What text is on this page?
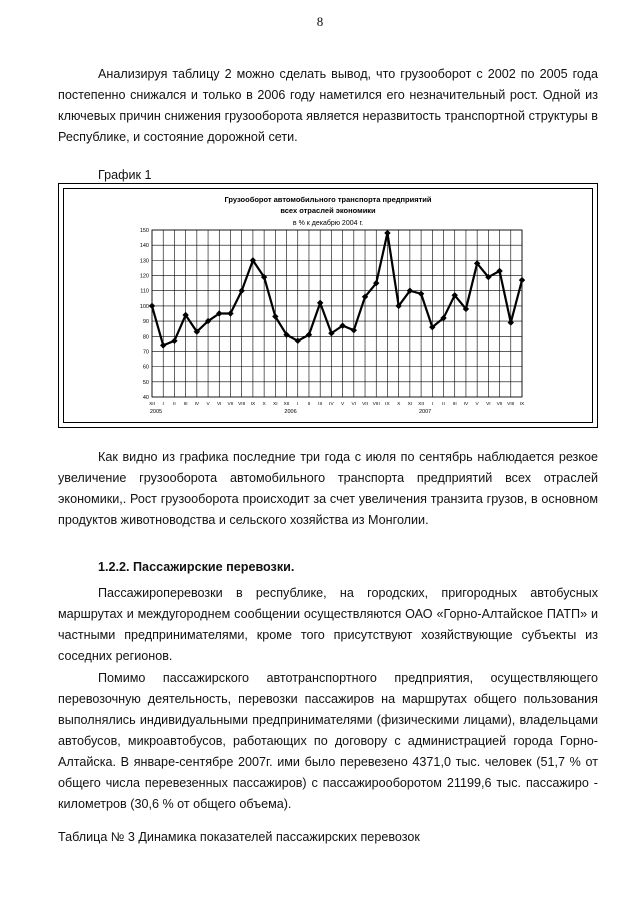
8

Анализируя таблицу 2 можно сделать вывод, что грузооборот с 2002 по 2005 года постепенно снижался и только в 2006 году наметился его незначительный рост. Одной из ключевых причин снижения грузооборота является неразвитость транспортной структуры в Республике, и состояние дорожной сети.

График 1

Грузооборот автомобильного транспорта предприятий
всех отраслей экономики
в % к декабрю 2004 г.
40
50
60
70
80
90
100
110
120
130
140
150
XII I II III IV V VI VII VIII IX X XI XII I II III IV V VI VII VIII IX X XI XII I II III IV V VI VII VIII IX
2005	2006	2007

Как видно из графика последние три года с июля по сентябрь наблюдается резкое увеличение грузооборота автомобильного транспорта предприятий всех отраслей экономики,. Рост грузооборота происходит за счет увеличения транзита грузов, в основном продуктов животноводства и сельского хозяйства из Монголии.

1.2.2. Пассажирские перевозки.

Пассажироперевозки в республике, на городских, пригородных автобусных маршрутах и междугороднем сообщении осуществляются ОАО «Горно-Алтайское ПАТП» и частными предпринимателями, кроме того присутствуют хозяйствующие субъекты из соседних регионов.

Помимо пассажирского автотранспортного предприятия, осуществляющего перевозочную деятельность, перевозки пассажиров на маршрутах общего пользования выполнялись индивидуальными предпринимателями (физическими лицами), владельцами автобусов, микроавтобусов, работающих по договору с администрацией города Горно-Алтайска. В январе-сентябре 2007г. ими было перевезено 4371,0 тыс. человек (51,7 % от общего числа перевезенных пассажиров) с пассажирооборотом 21199,6 тыс. пассажиро - километров (30,6 % от общего объема).

Таблица № 3 Динамика показателей пассажирских перевозок
